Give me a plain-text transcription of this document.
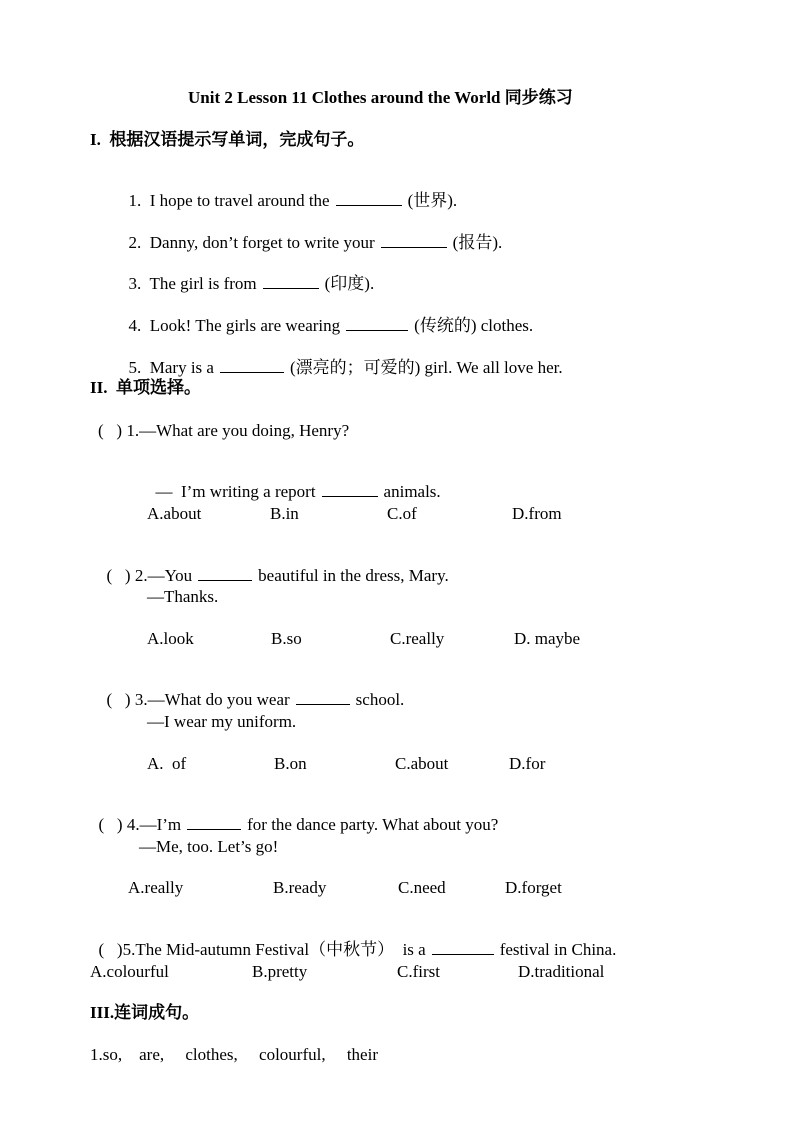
Unit 2 Lesson 11 Clothes around the World 同步练习
I.  根据汉语提示写单词，完成句子。

1. I hope to travel around the	(世界).

2. Danny, don’t forget to write your	(报告).

3. The girl is from	(印度).

4. Look! The girls are wearing	(传统的) clothes.

5. Mary is a	(漂亮的；可爱的) girl. We all love her.

II.  单项选择。
(   ) 1.—What are you doing, Henry?

—  I’m writing a report	animals.

A.about	B.in	C.of	D.from

(   ) 2.—You	beautiful in the dress, Mary.

—Thanks.
A.look	B.so	C.really	D. maybe

(   ) 3.—What do you wear	school.

—I wear my uniform.
A.  of	B.on	C.about	D.for

(   ) 4.—I’m	for the dance party. What about you?

—Me, too. Let’s go!
A.really	B.ready	C.need	D.forget

(   )5.The Mid-autumn Festival（中秋节）  is a	festival in China.

A.colourful	B.pretty	C.first	D.traditional
III.连词成句。
1.so,    are,     clothes,     colourful,     their
